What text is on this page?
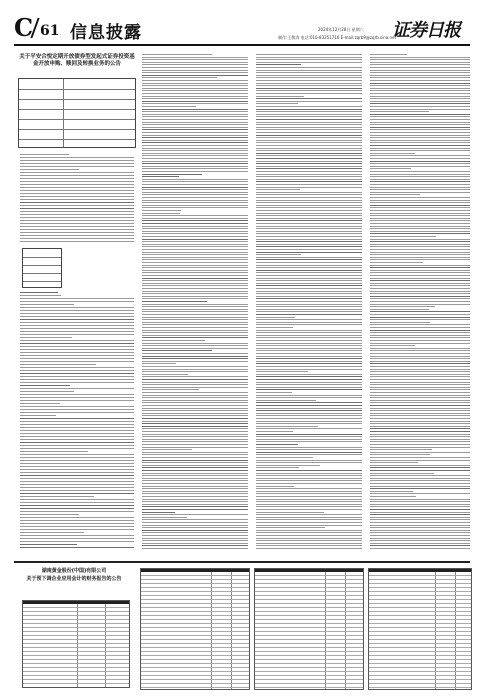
C 61 信息披露	2024年12月28日 星期六
制作:王敬涛 电话:010-83251716 E-mail:zqrb9@zqrb.sina.net
证券日报
关于平安合悦定期开放债券型发起式证券投资基金开放申购、赎回及转换业务的公告
湖南黄金股份(中国)有限公司
关于预下调企业应用会计的财务报告的公告
